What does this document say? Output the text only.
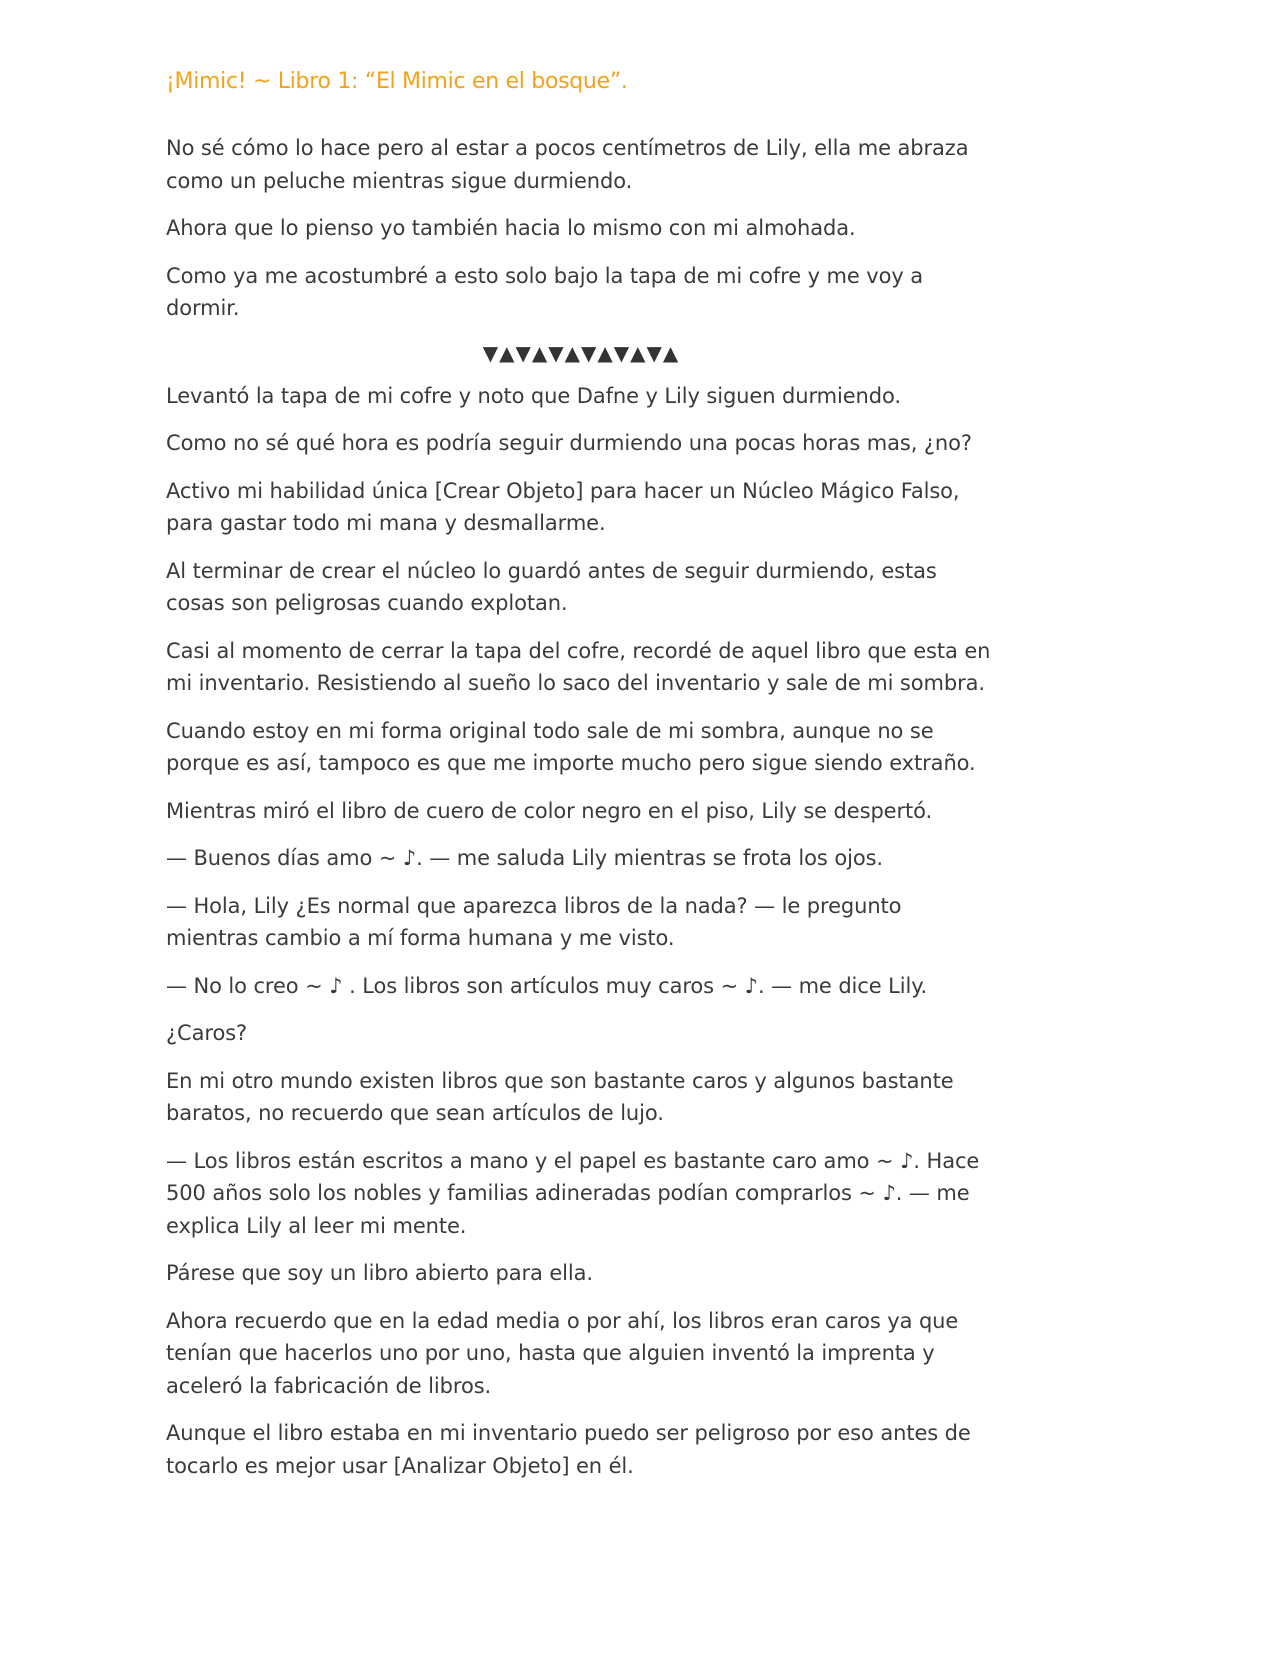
¡Mimic! ~ Libro 1: “El Mimic en el bosque”.

No sé cómo lo hace pero al estar a pocos centímetros de Lily, ella me abraza como un peluche mientras sigue durmiendo.

Ahora que lo pienso yo también hacia lo mismo con mi almohada.

Como ya me acostumbré a esto solo bajo la tapa de mi cofre y me voy a dormir.

▼▲▼▲▼▲▼▲▼▲▼▲

Levantó la tapa de mi cofre y noto que Dafne y Lily siguen durmiendo.

Como no sé qué hora es podría seguir durmiendo una pocas horas mas, ¿no?

Activo mi habilidad única [Crear Objeto] para hacer un Núcleo Mágico Falso, para gastar todo mi mana y desmallarme.

Al terminar de crear el núcleo lo guardó antes de seguir durmiendo, estas cosas son peligrosas cuando explotan.

Casi al momento de cerrar la tapa del cofre, recordé de aquel libro que esta en mi inventario. Resistiendo al sueño lo saco del inventario y sale de mi sombra.

Cuando estoy en mi forma original todo sale de mi sombra, aunque no se porque es así, tampoco es que me importe mucho pero sigue siendo extraño.

Mientras miró el libro de cuero de color negro en el piso, Lily se despertó.

— Buenos días amo ~ ♪. — me saluda Lily mientras se frota los ojos.

— Hola, Lily ¿Es normal que aparezca libros de la nada? — le pregunto mientras cambio a mí forma humana y me visto.

— No lo creo ~ ♪ . Los libros son artículos muy caros ~ ♪. — me dice Lily.

¿Caros?

En mi otro mundo existen libros que son bastante caros y algunos bastante baratos, no recuerdo que sean artículos de lujo.

— Los libros están escritos a mano y el papel es bastante caro amo ~ ♪. Hace 500 años solo los nobles y familias adineradas podían comprarlos ~ ♪. — me explica Lily al leer mi mente.

Párese que soy un libro abierto para ella.

Ahora recuerdo que en la edad media o por ahí, los libros eran caros ya que tenían que hacerlos uno por uno, hasta que alguien inventó la imprenta y aceleró la fabricación de libros.

Aunque el libro estaba en mi inventario puedo ser peligroso por eso antes de tocarlo es mejor usar [Analizar Objeto] en él.
